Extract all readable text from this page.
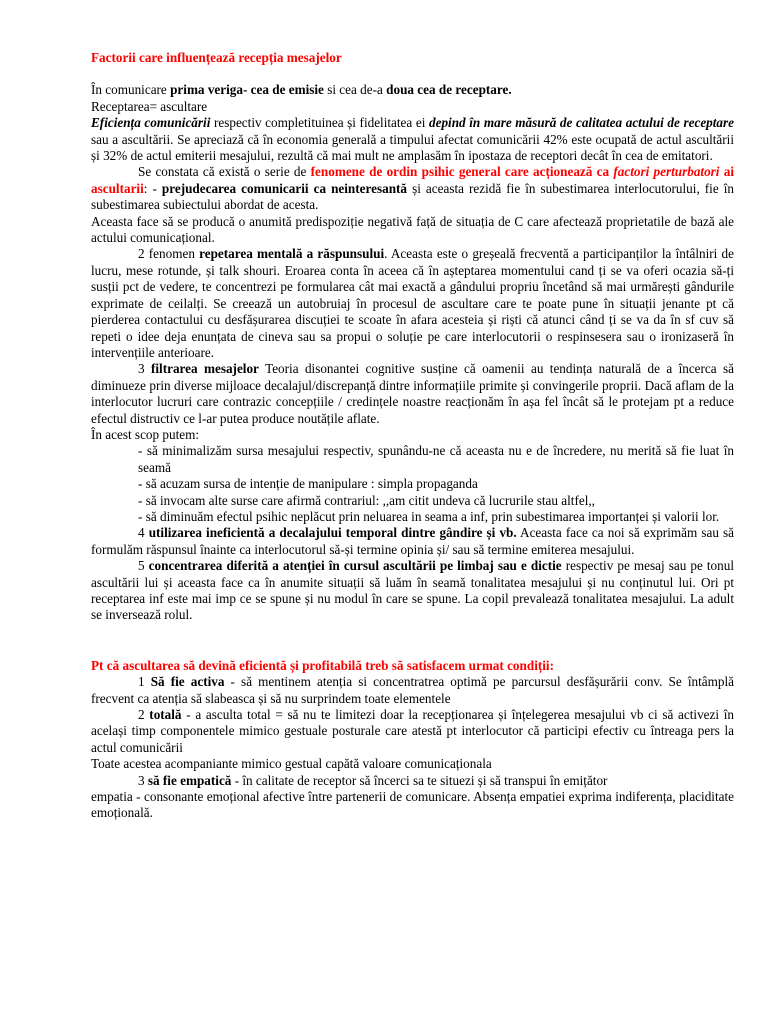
Factorii care influențează recepția mesajelor

În comunicare prima veriga- cea de emisie si cea de-a doua cea de receptare.

Receptarea= ascultare

Eficiența comunicării respectiv completituinea și fidelitatea ei depind în mare măsură de calitatea actului de receptare sau a ascultării. Se apreciază că în economia generală a timpului afectat comunicării 42% este ocupată de actul ascultării și 32% de actul emiterii mesajului, rezultă că mai mult ne amplasăm în ipostaza de receptori decât în cea de emitatori.

Se constata că există o serie de fenomene de ordin psihic general care acționează ca factori perturbatori ai ascultarii: - prejudecarea comunicarii ca neinteresantă și aceasta rezidă fie în subestimarea interlocutorului, fie în subestimarea subiectului abordat de acesta.

Aceasta face să se producă o anumită predispoziție negativă față de situația de C care afectează proprietatile de bază ale actului comunicațional.

2 fenomen repetarea mentală a răspunsului. Aceasta este o greșeală frecventă a participanților la întâlniri de lucru, mese rotunde, și talk shouri. Eroarea conta în aceea că în așteptarea momentului cand ți se va oferi ocazia să-ți susții pct de vedere, te concentrezi pe formularea cât mai exactă a gândului propriu încetând să mai urmărești gândurile exprimate de ceilalți. Se creează un autobruiaj în procesul de ascultare care te poate pune în situații jenante pt că pierderea contactului cu desfășurarea discuției te scoate în afara acesteia și riști că atunci când ți se va da în sf cuv să repeti o idee deja enunțata de cineva sau sa propui o soluție pe care interlocutorii o respinsesera sau o ironizaseră în intervențiile anterioare.

3 filtrarea mesajelor Teoria disonantei cognitive susține că oamenii au tendința naturală de a încerca să diminueze prin diverse mijloace decalajul/discrepanță dintre informațiile primite și convingerile proprii. Dacă aflam de la interlocutor lucruri care contrazic concepțiile / credințele noastre reacționăm în așa fel încât să le protejam pt a reduce efectul distructiv ce l-ar putea produce noutățile aflate.

În acest scop putem:

- să minimalizăm sursa mesajului respectiv, spunându-ne că aceasta nu e de încredere, nu merită să fie luat în seamă

- să acuzam sursa de intenție de manipulare : simpla propaganda

- să invocam alte surse care afirmă contrariul: ,,am citit undeva că lucrurile stau altfel,,

- să diminuăm efectul psihic neplăcut prin neluarea in seama a inf, prin subestimarea importanței și valorii lor.

4 utilizarea ineficientă a decalajului temporal dintre gândire și vb. Aceasta face ca noi să exprimăm sau să formulăm răspunsul înainte ca interlocutorul să-și termine opinia și/ sau să termine emiterea mesajului.

5 concentrarea diferită a atenției în cursul ascultării pe limbaj sau e dictie respectiv pe mesaj sau pe tonul ascultării lui și aceasta face ca în anumite situații să luăm în seamă tonalitatea mesajului și nu conținutul lui. Ori pt receptarea inf este mai imp ce se spune și nu modul în care se spune. La copil prevalează tonalitatea mesajului. La adult se inversează rolul.

Pt că ascultarea să devină eficientă și profitabilă treb să satisfacem urmat condiții:

1 Să fie activa - să mentinem atenția si concentratrea optimă pe parcursul desfășurării conv. Se întâmplă frecvent ca atenția să slabeasca și să nu surprindem toate elementele

2 totală - a asculta total = să nu te limitezi doar la recepționarea și înțelegerea mesajului vb ci să activezi în același timp componentele mimico gestuale posturale care atestă pt interlocutor că participi efectiv cu întreaga pers la actul comunicării

Toate acestea acompaniante mimico gestual capătă valoare comunicaționala

3 să fie empatică - în calitate de receptor să încerci sa te situezi și să transpui în emițător

empatia - consonante emoțional afective între partenerii de comunicare. Absența empatiei exprima indiferența, placiditate emoțională.
